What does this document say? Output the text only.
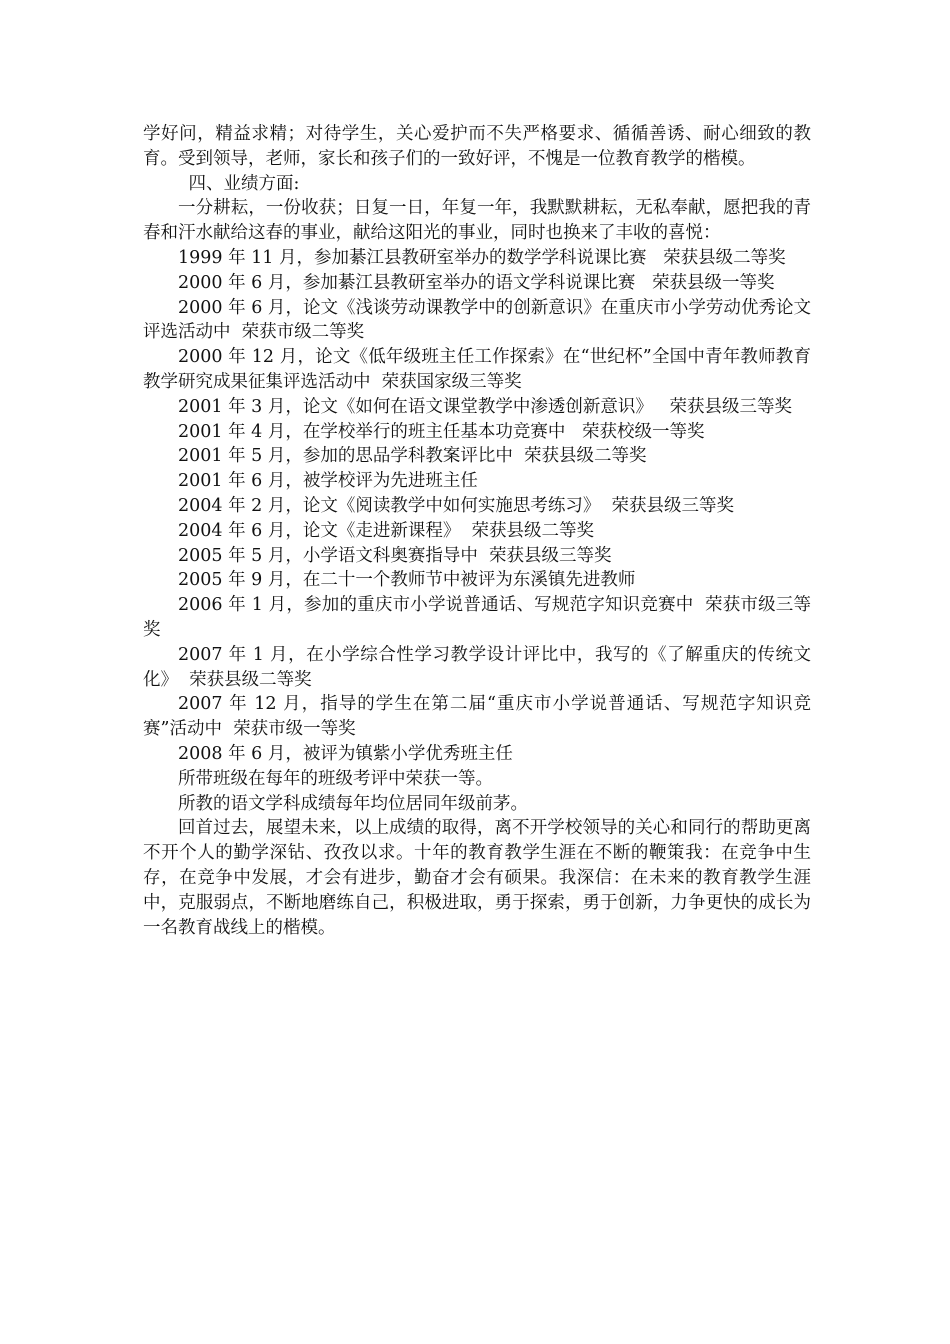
学好问，精益求精；对待学生，关心爱护而不失严格要求、循循善诱、耐心细致的教育。受到领导，老师，家长和孩子们的一致好评，不愧是一位教育教学的楷模。

四、业绩方面:

一分耕耘，一份收获；日复一日，年复一年，我默默耕耘，无私奉献，愿把我的青春和汗水献给这春的事业，献给这阳光的事业，同时也换来了丰收的喜悦：

1999 年 11 月，参加綦江县教研室举办的数学学科说课比赛   荣获县级二等奖

2000 年 6 月，参加綦江县教研室举办的语文学科说课比赛   荣获县级一等奖

2000 年 6 月，论文《浅谈劳动课教学中的创新意识》在重庆市小学劳动优秀论文评选活动中  荣获市级二等奖

2000 年 12 月，论文《低年级班主任工作探索》在“世纪杯”全国中青年教师教育教学研究成果征集评选活动中  荣获国家级三等奖

2001 年 3 月，论文《如何在语文课堂教学中渗透创新意识》   荣获县级三等奖

2001 年 4 月，在学校举行的班主任基本功竞赛中   荣获校级一等奖

2001 年 5 月，参加的思品学科教案评比中  荣获县级二等奖

2001 年 6 月，被学校评为先进班主任

2004 年 2 月，论文《阅读教学中如何实施思考练习》  荣获县级三等奖

2004 年 6 月，论文《走进新课程》  荣获县级二等奖

2005 年 5 月，小学语文科奥赛指导中  荣获县级三等奖

2005 年 9 月，在二十一个教师节中被评为东溪镇先进教师

2006 年 1 月，参加的重庆市小学说普通话、写规范字知识竞赛中  荣获市级三等奖

2007 年 1 月，在小学综合性学习教学设计评比中，我写的《了解重庆的传统文化》  荣获县级二等奖

2007 年 12 月，指导的学生在第二届“重庆市小学说普通话、写规范字知识竞赛”活动中  荣获市级一等奖

2008 年 6 月，被评为镇紫小学优秀班主任

所带班级在每年的班级考评中荣获一等。

所教的语文学科成绩每年均位居同年级前茅。

回首过去，展望未来，以上成绩的取得，离不开学校领导的关心和同行的帮助更离不开个人的勤学深钻、孜孜以求。十年的教育教学生涯在不断的鞭策我：在竞争中生存，在竞争中发展，才会有进步，勤奋才会有硕果。我深信：在未来的教育教学生涯中，克服弱点，不断地磨练自己，积极进取，勇于探索，勇于创新，力争更快的成长为一名教育战线上的楷模。
